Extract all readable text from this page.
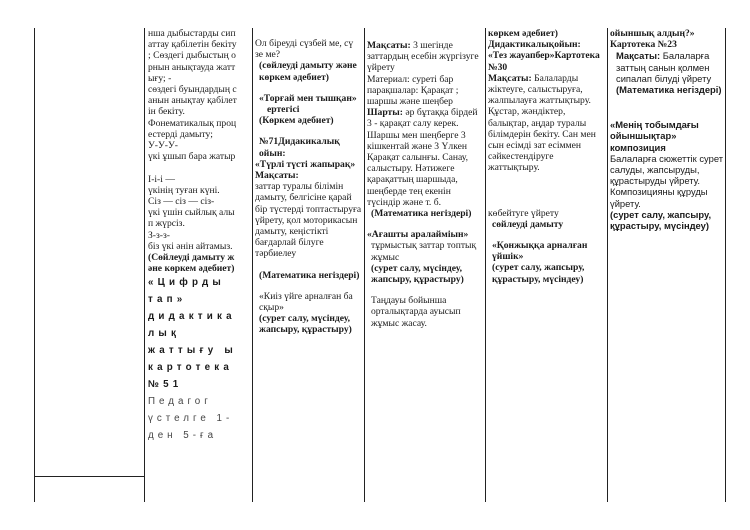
нша дыбыстарды сип

аттау қабілетін бекіту

; Сөздегі дыбыстың о

рнын анықтауда жатт

ығу; -

сөздегі буындардың с

анын анықтау қабілет

ін бекіту.

Фонематикалық проц

естерді дамыту;

У-У-У-

үкі ұшып бара жатыр

I-i-i —

үкінің туған күні.

Сіз — сіз — сіз-

үкі үшін сыйлық алы

п жүрсіз.

З-з-з-

біз үкі әнін айтамыз.

(Сөйлеуді дамыту ж

әне көркем әдебиет)

«Цифрды

тап»

дидактика

лық

жаттығу ы

картотека

№51

Педагог

үстелге 1-

ден 5-ға

Ол біреуді сүзбей ме, сү зе ме?

(сөйлеуді дамыту және көркем әдебиет)

«Торғай мен тышқан»

ертегісі

(Көркем әдебиет)

№71Дидакикалық ойын:

«Түрлі түсті жапырақ» Мақсаты:

заттар туралы білімін дамыту, белгісіне қарай бір түстерді топтастыруға үйрету, қол моторикасын дамыту, кеңістікті бағдарлай білуге тәрбиелеу

(Математика негіздері)

«Киіз үйге арналған ба сқыр»

(сурет салу, мүсіндеу, жапсыру, құрастыру)

Мақсаты: 3 шегінде заттардың есебін жүргізуге үйрету

Материал: суреті бар парақшалар: Қарақат ; шаршы және шеңбер

Шарты: әр бұтаққа бірдей 3 - қарақат салу керек. Шаршы мен шеңберге 3 кішкентай және 3 Үлкен Қарақат салынғы. Санау, салыстыру. Нәтижеге қарақаттың шаршыда, шеңберде тең екенін түсіндір және т. б.

(Математика негіздері)

«Ағашты аралайміын»

тұрмыстық заттар топтық жұмыс

(сурет салу, мүсіндеу, жапсыру, құрастыру)

Таңдауы бойынша орталықтарда ауысып жұмыс жасау.

көркем әдебиет)

Дидактикалықойын:

«Тез жауапбер»Картотека №30

Мақсаты: Балаларды жіктеуге, салыстыруға, жалпылауға жаттықтыру. Құстар, жәндіктер, балықтар, аңдар туралы білімдерін бекіту. Сан мен сын есімді зат есіммен сәйкестендіруге жаттықтыру.

көбейтуге үйрету

сөйлеуді дамыту

«Қонжыққа арналған үйшік»

(сурет салу, жапсыру, құрастыру, мүсіндеу)

ойыншық алдың?»

Картотека №23

Мақсаты: Балаларға заттың санын қолмен сипалап білуді үйрету

(Математика негіздері)

«Менің тобымдағы ойыншықтар» композиция

Балаларға сюжеттік сурет салуды, жапсыруды, құрастыруды үйрету. Композицияны құруды үйрету.

(сурет салу, жапсыру, құрастыру, мүсіндеу)
